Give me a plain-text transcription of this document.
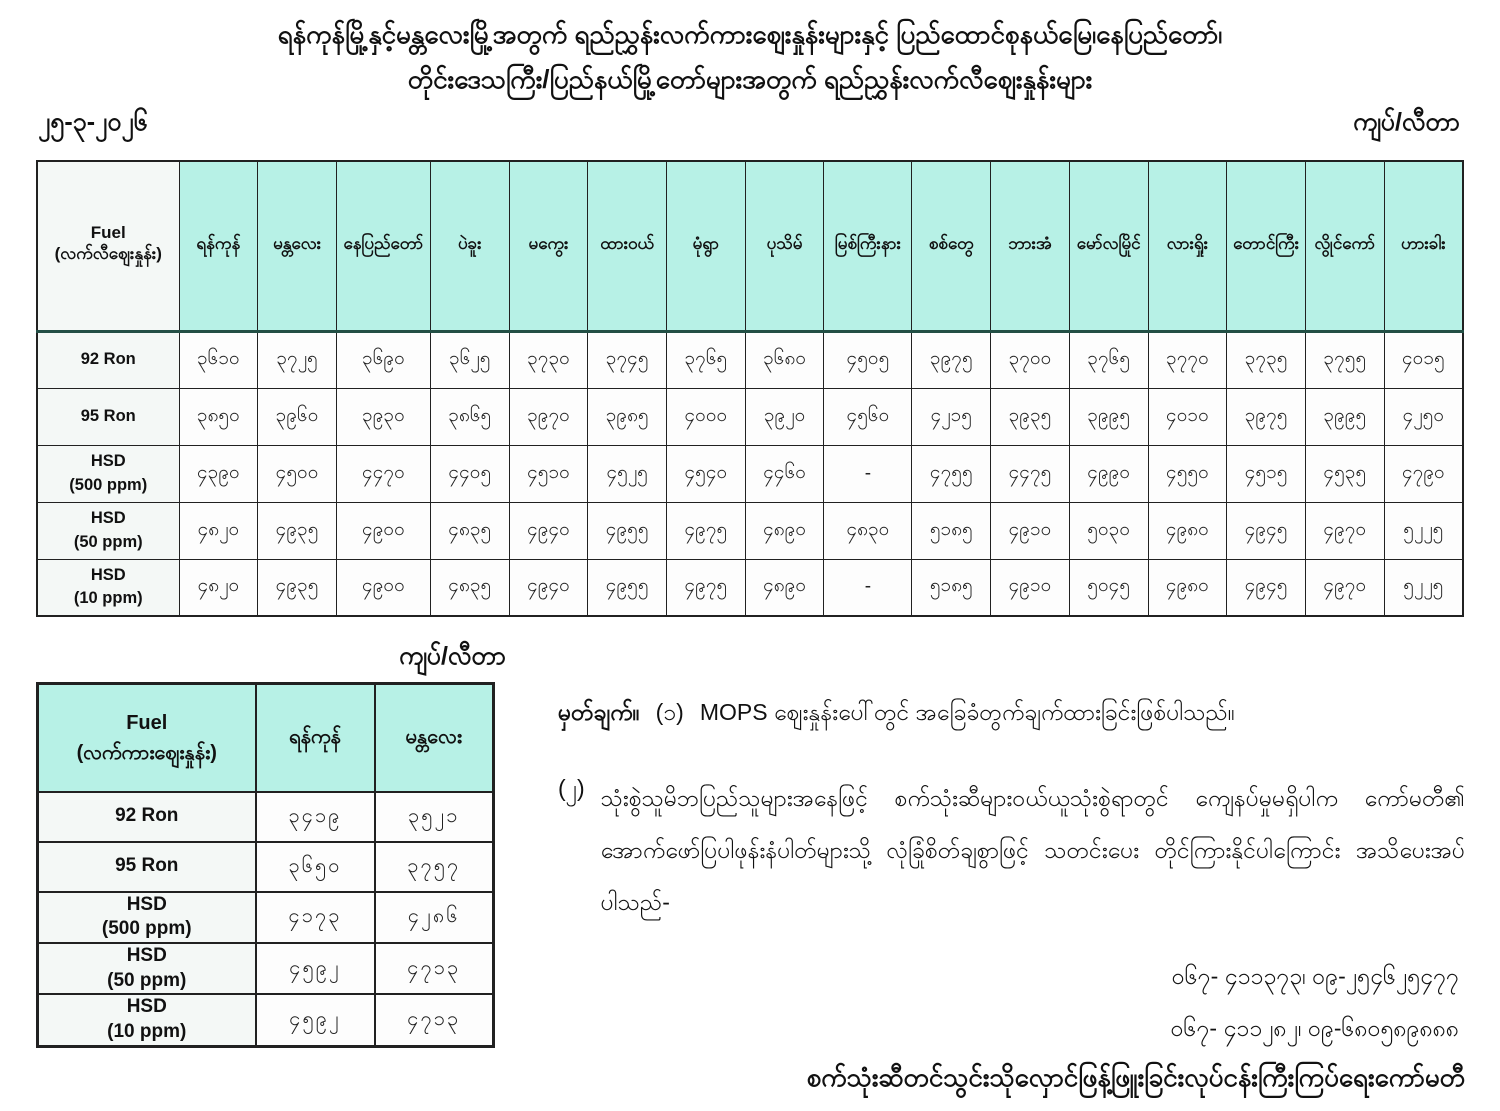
ရန်ကုန်မြို့နှင့်မန္တလေးမြို့အတွက် ရည်ညွှန်းလက်ကားဈေးနှုန်းများနှင့် ပြည်ထောင်စုနယ်မြေ၊နေပြည်တော်၊
တိုင်းဒေသကြီး/ပြည်နယ်မြို့တော်များအတွက် ရည်ညွှန်းလက်လီဈေးနှုန်းများ
၂၅-၃-၂၀၂၆	ကျပ်/လီတာ
Fuel
(လက်လီဈေးနှုန်း)	ရန်ကုန်	မန္တလေး	နေပြည်တော်	ပဲခူး	မကွေး	ထားဝယ်	မုံရွာ	ပုသိမ်	မြစ်ကြီးနား	စစ်တွေ	ဘားအံ	မော်လမြိုင်	လားရှိုး	တောင်ကြီး	လွိုင်ကော်	ဟားခါး

92 Ron	၃၆၁၀	၃၇၂၅	၃၆၉၀	၃၆၂၅	၃၇၃၀	၃၇၄၅	၃၇၆၅	၃၆၈၀	၄၅၀၅	၃၉၇၅	၃၇၀၀	၃၇၆၅	၃၇၇၀	၃၇၃၅	၃၇၅၅	၄၀၁၅

95 Ron	၃၈၅၀	၃၉၆၀	၃၉၃၀	၃၈၆၅	၃၉၇၀	၃၉၈၅	၄၀၀၀	၃၉၂၀	၄၅၆၀	၄၂၁၅	၃၉၃၅	၃၉၉၅	၄၀၁၀	၃၉၇၅	၃၉၉၅	၄၂၅၀

HSD
(500 ppm)	၄၃၉၀	၄၅၀၀	၄၄၇၀	၄၄၀၅	၄၅၁၀	၄၅၂၅	၄၅၄၀	၄၄၆၀	-	၄၇၅၅	၄၄၇၅	၄၉၉၀	၄၅၅၀	၄၅၁၅	၄၅၃၅	၄၇၉၀

HSD
(50 ppm)	၄၈၂၀	၄၉၃၅	၄၉၀၀	၄၈၃၅	၄၉၄၀	၄၉၅၅	၄၉၇၅	၄၈၉၀	၄၈၃၀	၅၁၈၅	၄၉၁၀	၅၀၃၀	၄၉၈၀	၄၉၄၅	၄၉၇၀	၅၂၂၅

HSD
(10 ppm)	၄၈၂၀	၄၉၃၅	၄၉၀၀	၄၈၃၅	၄၉၄၀	၄၉၅၅	၄၉၇၅	၄၈၉၀	-	၅၁၈၅	၄၉၁၀	၅၀၄၅	၄၉၈၀	၄၉၄၅	၄၉၇၀	၅၂၂၅
ကျပ်/လီတာ
Fuel
(လက်ကားဈေးနှုန်း)	ရန်ကုန်	မန္တလေး

92 Ron	၃၄၁၉	၃၅၂၁

95 Ron	၃၆၅၀	၃၇၅၇

HSD
(500 ppm)	၄၁၇၃	၄၂၈၆

HSD
(50 ppm)	၄၅၉၂	၄၇၁၃

HSD
(10 ppm)	၄၅၉၂	၄၇၁၃
မှတ်ချက်။ (၁) MOPS ဈေးနှုန်းပေါ်တွင် အခြေခံတွက်ချက်ထားခြင်းဖြစ်ပါသည်။
(၂) သုံးစွဲသူမိဘပြည်သူများအနေဖြင့် စက်သုံးဆီများဝယ်ယူသုံးစွဲရာတွင် ကျေနပ်မှုမရှိပါက ကော်မတီ၏ အောက်ဖော်ပြပါဖုန်းနံပါတ်များသို့ လုံခြုံစိတ်ချစွာဖြင့် သတင်းပေး တိုင်ကြားနိုင်ပါကြောင်း အသိပေးအပ်ပါသည်-
၀၆၇- ၄၁၁၃၇၃၊ ၀၉-၂၅၄၆၂၅၄၇၇
၀၆၇- ၄၁၁၂၈၂၊ ၀၉-၆၈၀၅၈၉၈၈၈
စက်သုံးဆီတင်သွင်းသိုလှောင်ဖြန့်ဖြူးခြင်းလုပ်ငန်းကြီးကြပ်ရေးကော်မတီ
